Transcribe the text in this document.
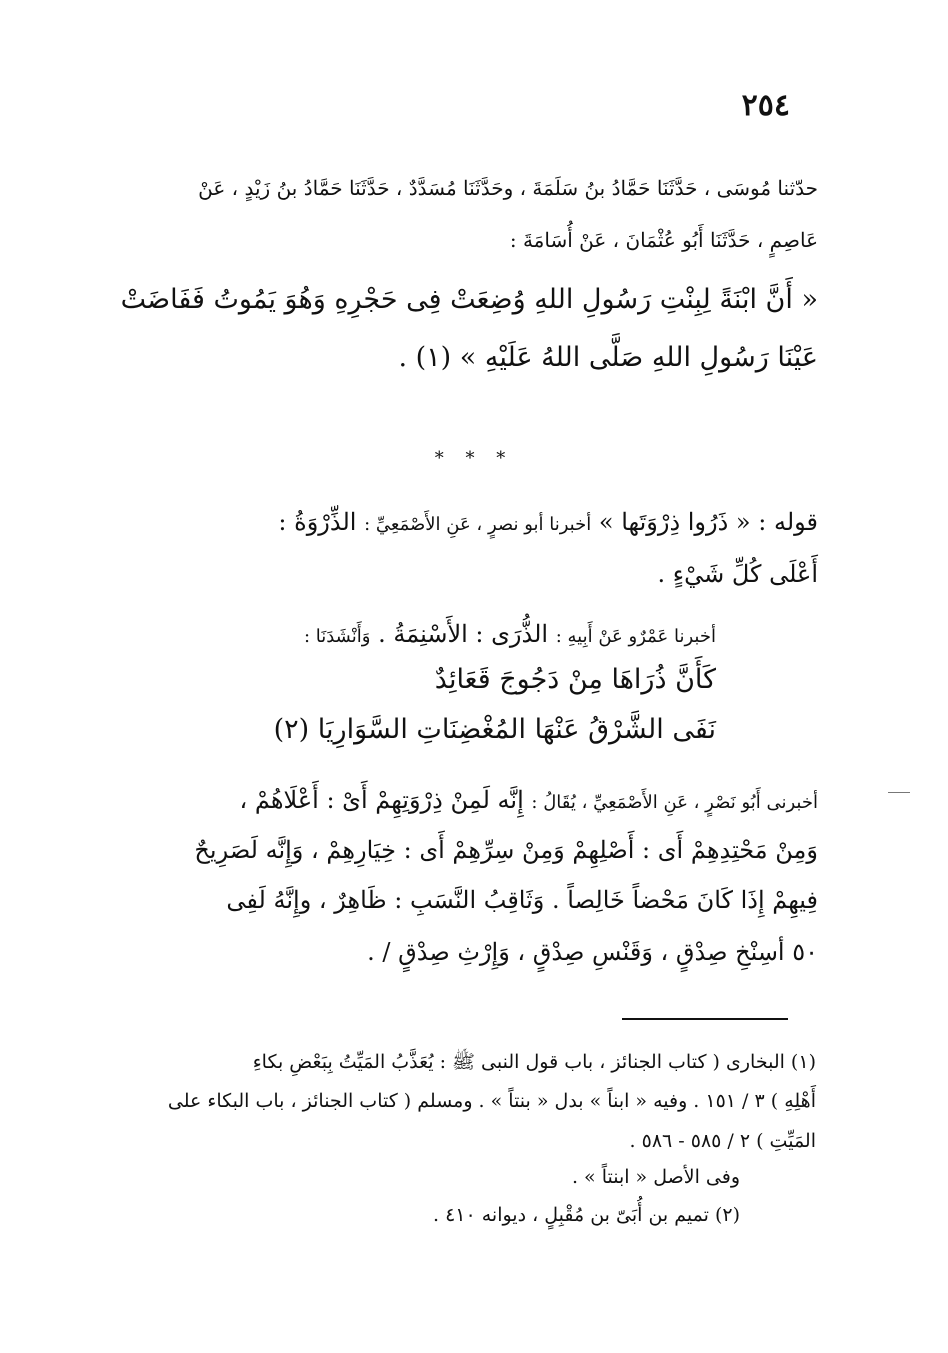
٢٥٤
حدّثنا مُوسَى ، حَدَّثَنَا حَمَّادُ بنُ سَلَمَةَ ، وحَدَّثَنَا مُسَدَّدٌ ، حَدَّثَنَا حَمَّادُ بنُ زَيْدٍ ، عَنْ
عَاصِمٍ ، حَدَّثَنَا أَبُو عُثْمَانَ ، عَنْ أُسَامَةَ :
« أَنَّ ابْنَةً لِبِنْتِ رَسُولِ اللهِ وُضِعَتْ فِى حَجْرِهِ وَهُوَ يَمُوتُ فَفَاضَتْ
عَيْنَا رَسُولِ اللهِ صَلَّى اللهُ عَلَيْهِ » (١) .
* * *
قوله : « ذَرُوا ذِرْوَتَها » أخبرنا أبو نصرٍ ، عَنِ الأَصْمَعِيِّ : الذِّرْوَةُ :
أَعْلَى كُلِّ شَيْءٍ .
أخبرنا عَمْرٌو عَنْ أَبِيهِ : الذُّرَى : الأَسْنِمَةُ . وَأَنْشَدَنَا :
كَأَنَّ ذُرَاهَا مِنْ دَجُوجَ قَعَائِدٌ
نَفَى الشَّرْقُ عَنْهَا المُغْضِنَاتِ السَّوَارِيَا (٢)
أخبرنى أَبُو نَصْرٍ ، عَنِ الأَصْمَعِيِّ ، يُقَالُ : إِنَّه لَمِنْ ذِرْوَتِهِمْ أَىْ : أَعْلَاهُمْ ،
وَمِنْ مَحْتِدِهِمْ أَى : أَصْلِهِمْ وَمِنْ سِرِّهِمْ أَى : خِيَارِهِمْ ، وَإِنَّه لَصَرِيحٌ
فِيهِمْ إِذَا كَانَ مَحْضاً خَالِصاً . وَثَاقِبُ النَّسَبِ : ظَاهِرٌ ، وإِنَّهُ لَفِى
سِنْخِ صِدْقٍ ، وَقَنْسِ صِدْقٍ ، وَإِرْثِ صِدْقٍ / . ٥٠ أ
(١) البخارى ( كتاب الجنائز ، باب قول النبى ﷺ : يُعَذَّبُ المَيِّتُ بِبَعْضِ بكاءِ
أَهْلِهِ ) ٣ / ١٥١ . وفيه « ابناً » بدل « بنتاً » . ومسلم ( كتاب الجنائز ، باب البكاء على
المَيِّتِ ) ٢ / ٥٨٥ - ٥٨٦ .
وفى الأصل « ابنتاً » .
(٢) تميم بن أُبَىّ بن مُقْبِلٍ ، ديوانه ٤١٠ .
